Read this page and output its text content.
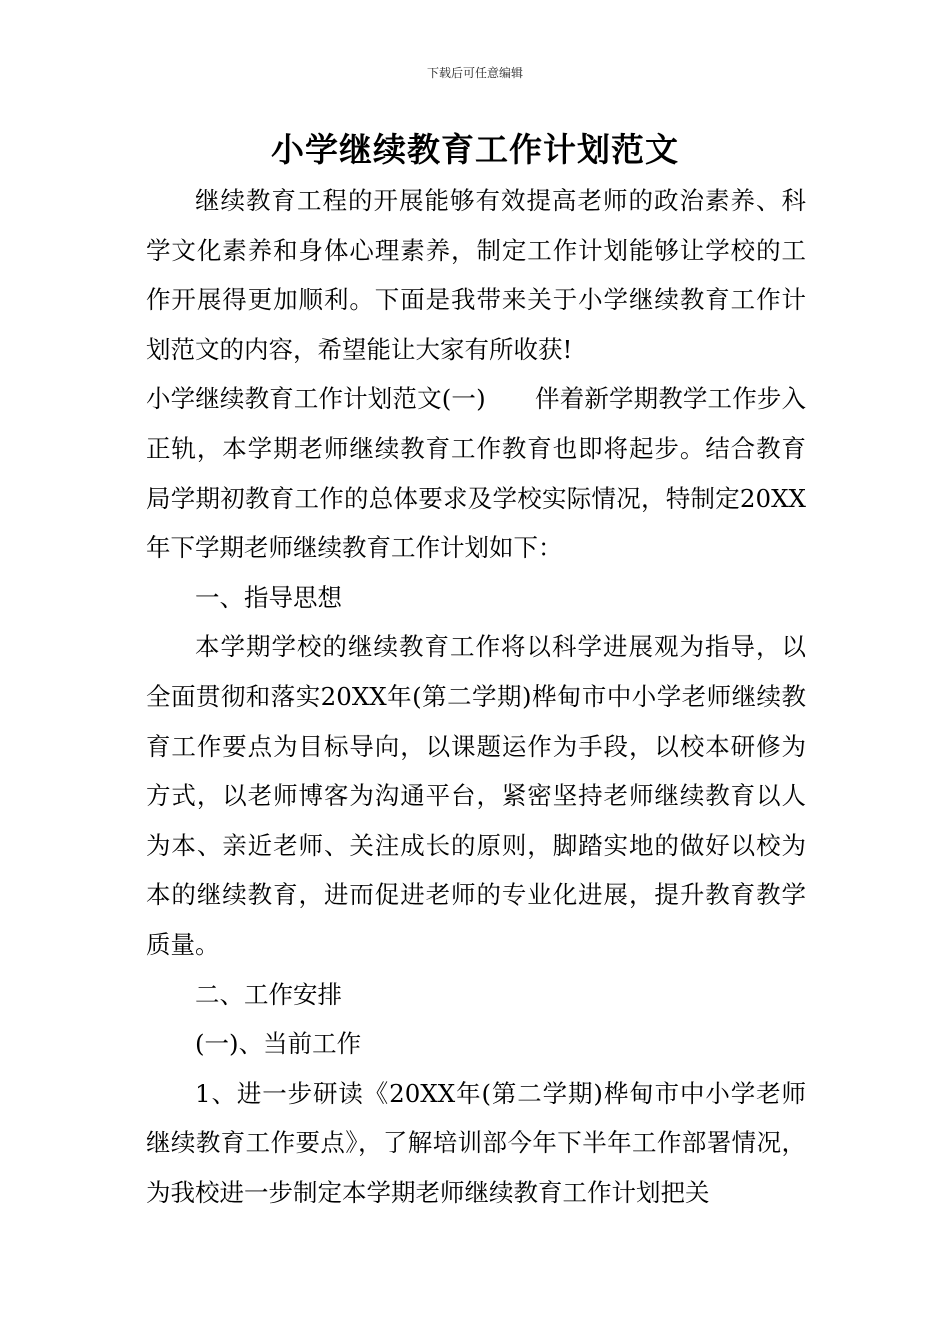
下载后可任意编辑
小学继续教育工作计划范文

继续教育工程的开展能够有效提高老师的政治素养、科学文化素养和身体心理素养，制定工作计划能够让学校的工作开展得更加顺利。下面是我带来关于小学继续教育工作计划范文的内容，希望能让大家有所收获!

小学继续教育工作计划范文(一)　　伴着新学期教学工作步入正轨，本学期老师继续教育工作教育也即将起步。结合教育局学期初教育工作的总体要求及学校实际情况，特制定20XX年下学期老师继续教育工作计划如下：

一、指导思想

本学期学校的继续教育工作将以科学进展观为指导，以全面贯彻和落实20XX年(第二学期)桦甸市中小学老师继续教育工作要点为目标导向，以课题运作为手段，以校本研修为方式，以老师博客为沟通平台，紧密坚持老师继续教育以人为本、亲近老师、关注成长的原则，脚踏实地的做好以校为本的继续教育，进而促进老师的专业化进展，提升教育教学质量。

二、工作安排

(一)、当前工作

1、进一步研读《20XX年(第二学期)桦甸市中小学老师继续教育工作要点》，了解培训部今年下半年工作部署情况，为我校进一步制定本学期老师继续教育工作计划把关
